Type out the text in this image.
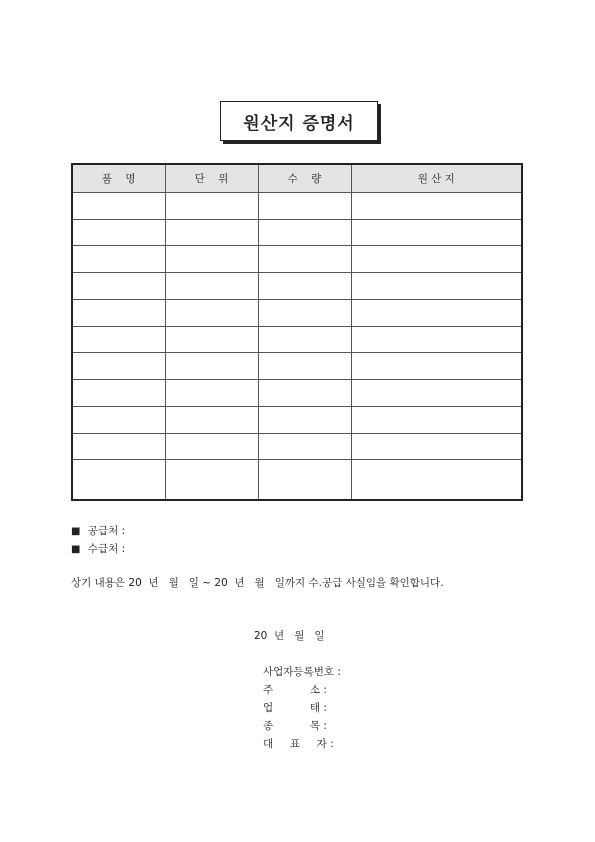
원산지 증명서
품    명	단    위	수    량	원 산 지

■ 공급처 :
■ 수급처 :
상기 내용은 20  년   월   일 ~ 20  년   월   일까지 수.공급 사실임을 확인합니다.
20  년   월   일
사업자등록번호 :
주           소 :
업           태 :
종           목 :
대     표     자 :
